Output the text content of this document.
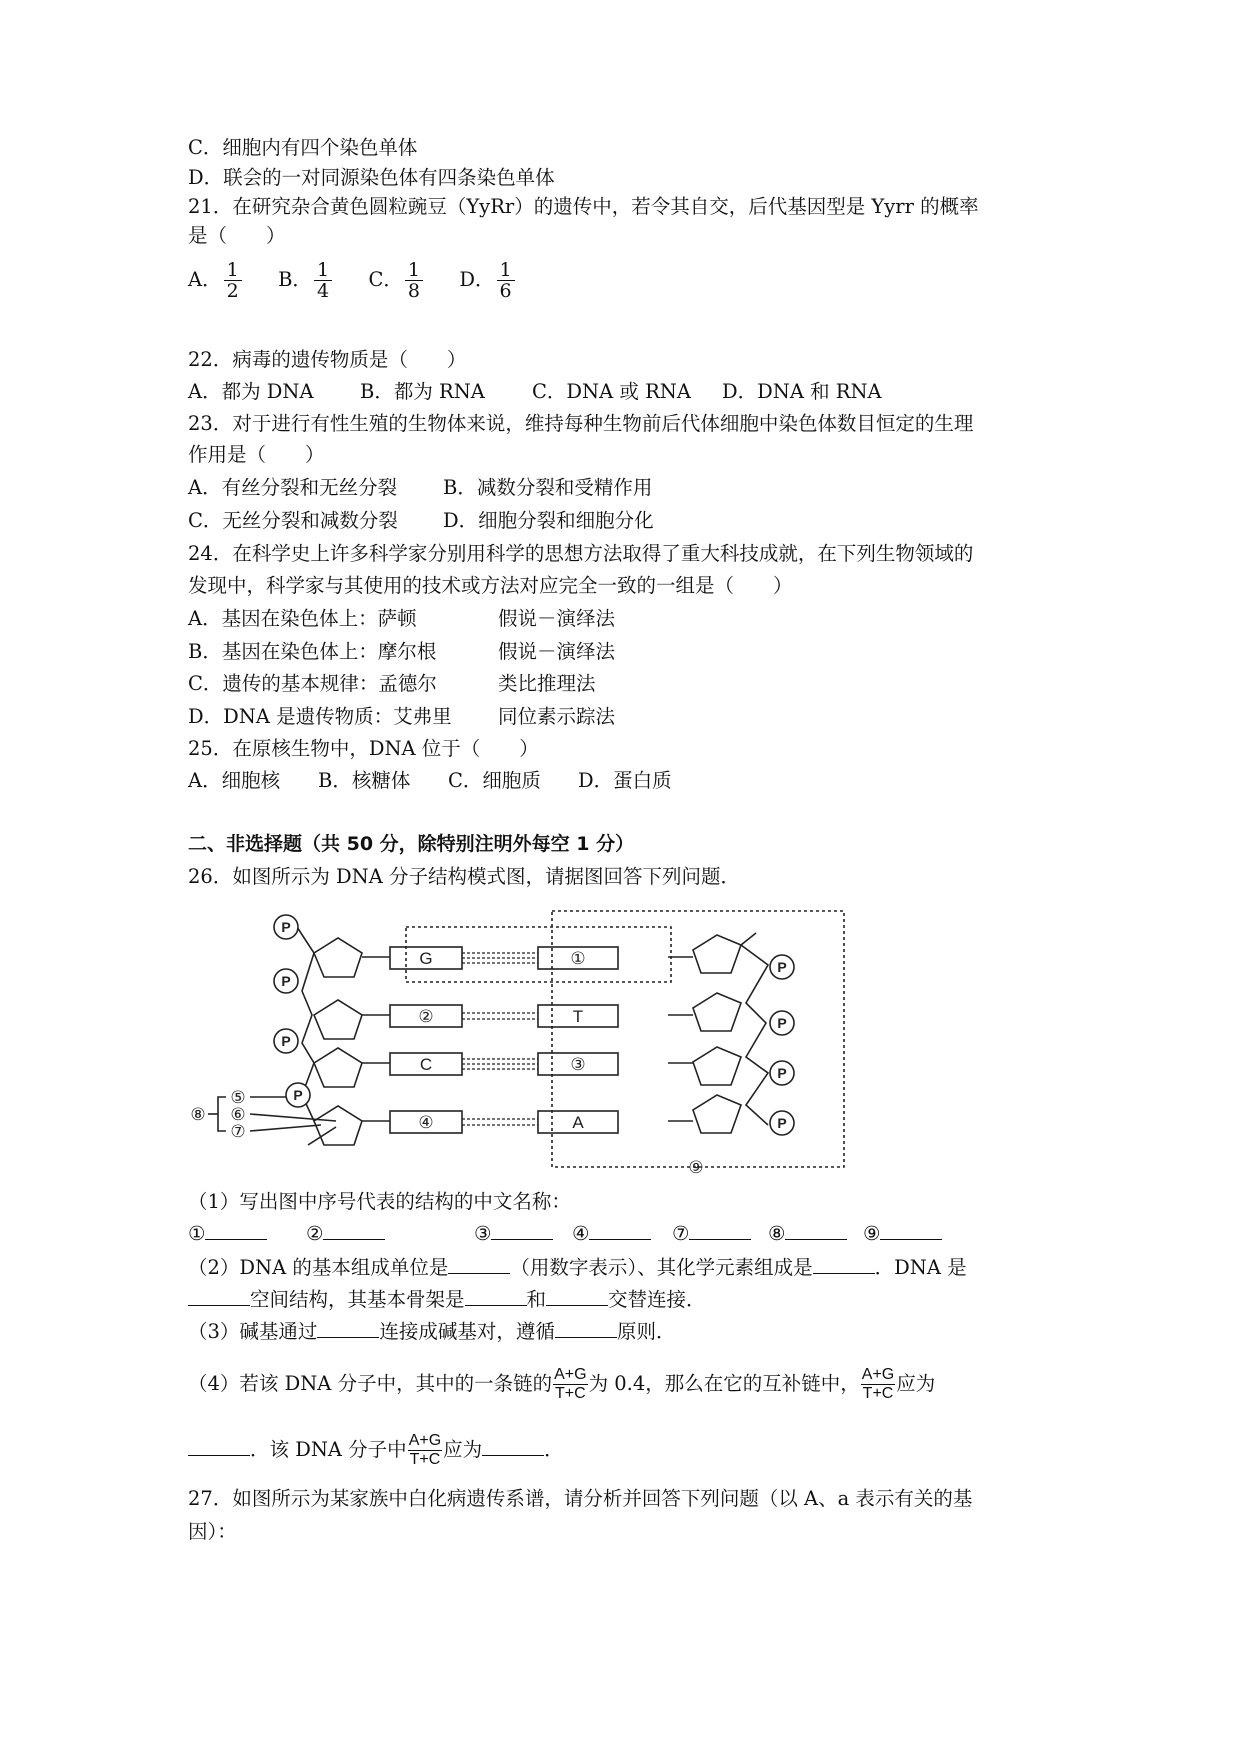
C．细胞内有四个染色单体
D．联会的一对同源染色体有四条染色单体
21．在研究杂合黄色圆粒豌豆（YyRr）的遗传中，若令其自交，后代基因型是 Yyrr 的概率
是（　　）
A． $\frac{1}{2}$ B． $\frac{1}{4}$ C． $\frac{1}{8}$ D． $\frac{1}{6}$
22．病毒的遗传物质是（　　）
A．都为 DNA B．都为 RNA C．DNA 或 RNA D．DNA 和 RNA
23．对于进行有性生殖的生物体来说，维持每种生物前后代体细胞中染色体数目恒定的生理
作用是（　　）
A．有丝分裂和无丝分裂 B．减数分裂和受精作用
C．无丝分裂和减数分裂 D．细胞分裂和细胞分化
24．在科学史上许多科学家分别用科学的思想方法取得了重大科技成就，在下列生物领域的
发现中，科学家与其使用的技术或方法对应完全一致的一组是（　　）
A．基因在染色体上：萨顿	假说－演绎法
B．基因在染色体上：摩尔根	假说－演绎法
C．遗传的基本规律：孟德尔	类比推理法
D．DNA 是遗传物质：艾弗里 同位素示踪法
25．在原核生物中，DNA 位于（　　）
A．细胞核 B．核糖体 C．细胞质 D．蛋白质
二、非选择题（共 50 分，除特别注明外每空 1 分）
26．如图所示为 DNA 分子结构模式图，请据图回答下列问题．
G
②
C
④
①
T
③
A
P
P
P
P
P
P
P
P
⑤
⑥
⑦
⑧
⑨
（1）写出图中序号代表的结构的中文名称：
①	②	③	④	⑦	⑧	⑨
（2）DNA 的基本组成单位是	（用数字表示）、其化学元素组成是	．DNA 是
空间结构，其基本骨架是	和	交替连接．
（3）碱基通过	连接成碱基对，遵循	原则．
（4）若该 DNA 分子中，其中的一条链的 $\frac{A+G}{T+C}$ 为 0.4，那么在它的互补链中， $\frac{A+G}{T+C}$ 应为
．该 DNA 分子中 $\frac{A+G}{T+C}$ 应为	．
27．如图所示为某家族中白化病遗传系谱，请分析并回答下列问题（以 A、a 表示有关的基
因）：
